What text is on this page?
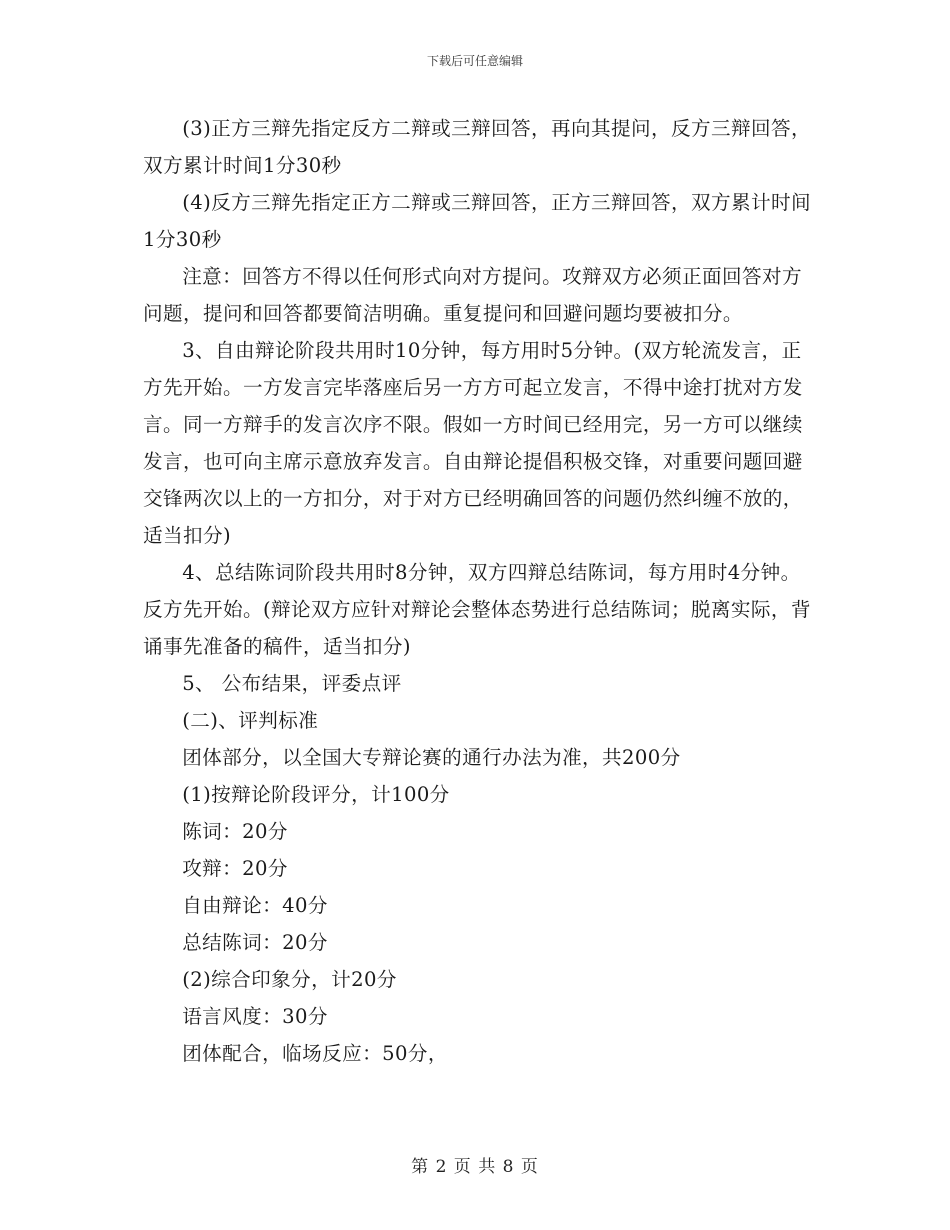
下载后可任意编辑

(3)正方三辩先指定反方二辩或三辩回答，再向其提问，反方三辩回答，双方累计时间1分30秒

(4)反方三辩先指定正方二辩或三辩回答，正方三辩回答，双方累计时间1分30秒

注意：回答方不得以任何形式向对方提问。攻辩双方必须正面回答对方问题，提问和回答都要简洁明确。重复提问和回避问题均要被扣分。

3、自由辩论阶段共用时10分钟，每方用时5分钟。(双方轮流发言，正方先开始。一方发言完毕落座后另一方方可起立发言，不得中途打扰对方发言。同一方辩手的发言次序不限。假如一方时间已经用完，另一方可以继续发言，也可向主席示意放弃发言。自由辩论提倡积极交锋，对重要问题回避交锋两次以上的一方扣分，对于对方已经明确回答的问题仍然纠缠不放的，适当扣分)

4、总结陈词阶段共用时8分钟，双方四辩总结陈词，每方用时4分钟。反方先开始。(辩论双方应针对辩论会整体态势进行总结陈词；脱离实际，背诵事先准备的稿件，适当扣分)

5、 公布结果，评委点评

(二)、评判标准

团体部分，以全国大专辩论赛的通行办法为准，共200分

(1)按辩论阶段评分，计100分

陈词：20分

攻辩：20分

自由辩论：40分

总结陈词：20分

(2)综合印象分，计20分

语言风度：30分

团体配合，临场反应：50分，

第 2 页 共 8 页
